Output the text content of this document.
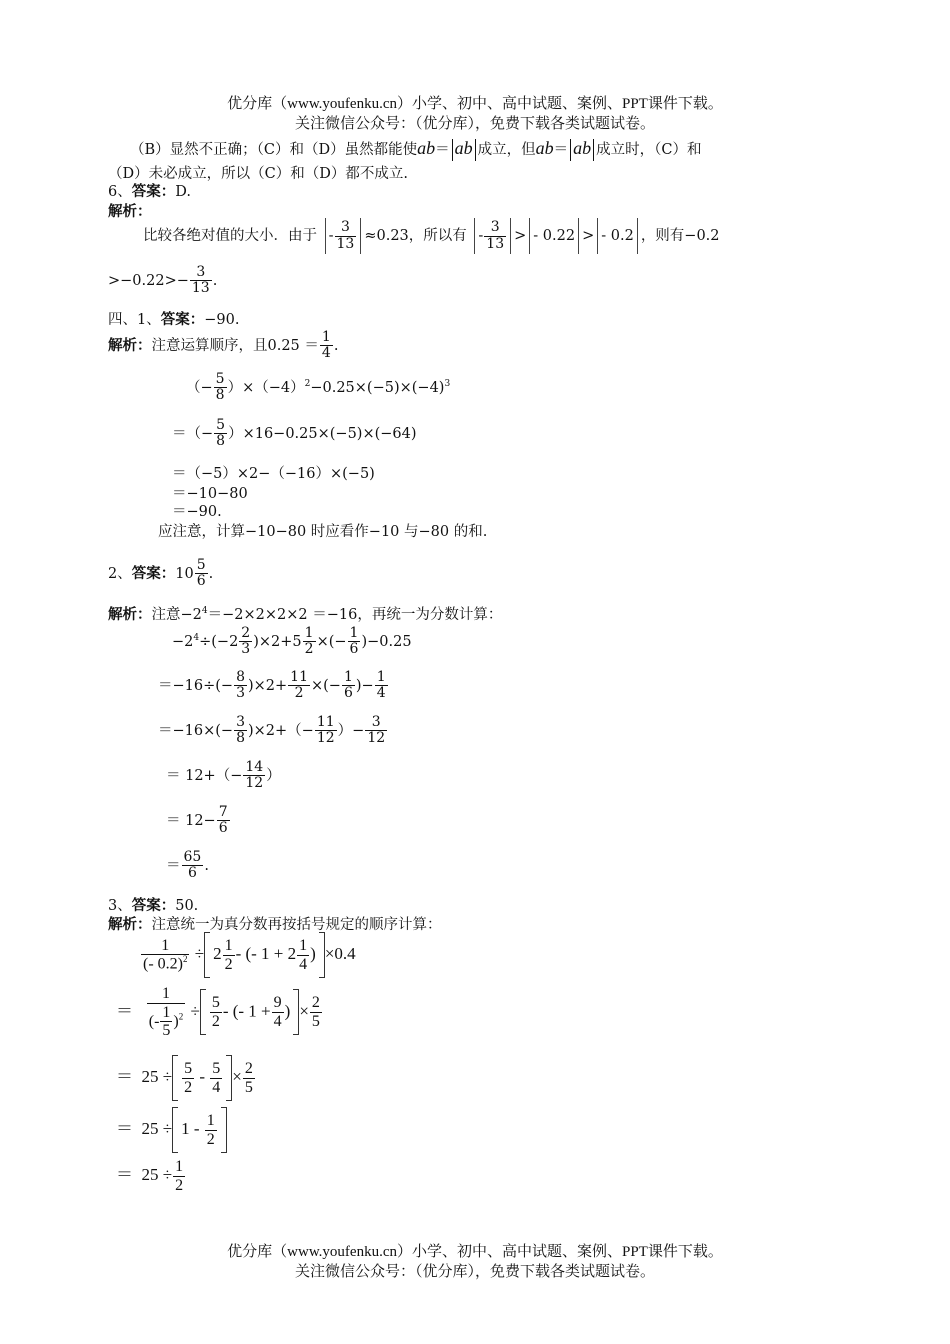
优分库（www.youfenku.cn）小学、初中、高中试题、案例、PPT课件下载。
关注微信公众号：（优分库），免费下载各类试题试卷。
（B）显然不正确；（C）和（D）虽然都能使ab＝ ab 成立，但ab＝ ab 成立时，（C）和
（D）未必成立，所以（C）和（D）都不成立.
6、答案：D.
解析：
比较各绝对值的大小．由于 - $\frac{3}{13} \approx 0.23$，所以有 - $\frac{3}{13}$ > - 0.22 > - 0.2 ，则有−0.2
$>-0.22>- \frac{3}{13}$ .
四、1、答案：−90.
解析：注意运算顺序，且$0.25 = \frac{1}{4}$ .
（− $\frac{5}{8} )\times(-4)^2-0.25\times(-5)\times(-4)^3$
＝（− $\frac{5}{8} )\times 16-0.25\times(-5)\times(-64)$
＝（−5）×2−（−16）×(−5)
＝−10−80
＝−90.
应注意，计算−10−80 时应看作−10 与−80 的和.
2、答案：$10 \frac{5}{6}$ .
解析：注意$-2^4=-2\times 2\times 2\times 2 =-16$，再统一为分数计算：
$-2^4\div(-2 \frac{2}{3} )\times 2+5 \frac{1}{2}$ ×(− $\frac{1}{6} )-0.25$
$=-16\div(- \frac{8}{3} )\times 2+ \frac{11}{2}$ ×(− $\frac{1}{6}$ )− $\frac{1}{4}$
$=-16\times(- \frac{3}{8} )\times 2+(- \frac{11}{12}$ ）− $\frac{3}{12}$
＝ $12+(- \frac{14}{12}$ ）
＝ $12- \frac{7}{6}$
＝ $\frac{65}{6}$ .
3、答案：50.
解析：注意统一为真分数再按括号规定的顺序计算：
$\frac{1}{(- 0.2)^2} \div 2 \frac{1}{2}$ - (- $1 + 2 \frac{1}{4}$ ) ×0.4
＝ $\frac{1}{(- \frac{1}{5} )^2} \div \frac{5}{2}$ - (- $1 + \frac{9}{4}$ ) × $\frac{2}{5}$
＝ $25 \div \frac{5}{2} - \frac{5}{4} \times \frac{2}{5}$
＝ $25 \div 1 - \frac{1}{2}$
＝ $25 \div \frac{1}{2}$
优分库（www.youfenku.cn）小学、初中、高中试题、案例、PPT课件下载。
关注微信公众号：（优分库），免费下载各类试题试卷。
